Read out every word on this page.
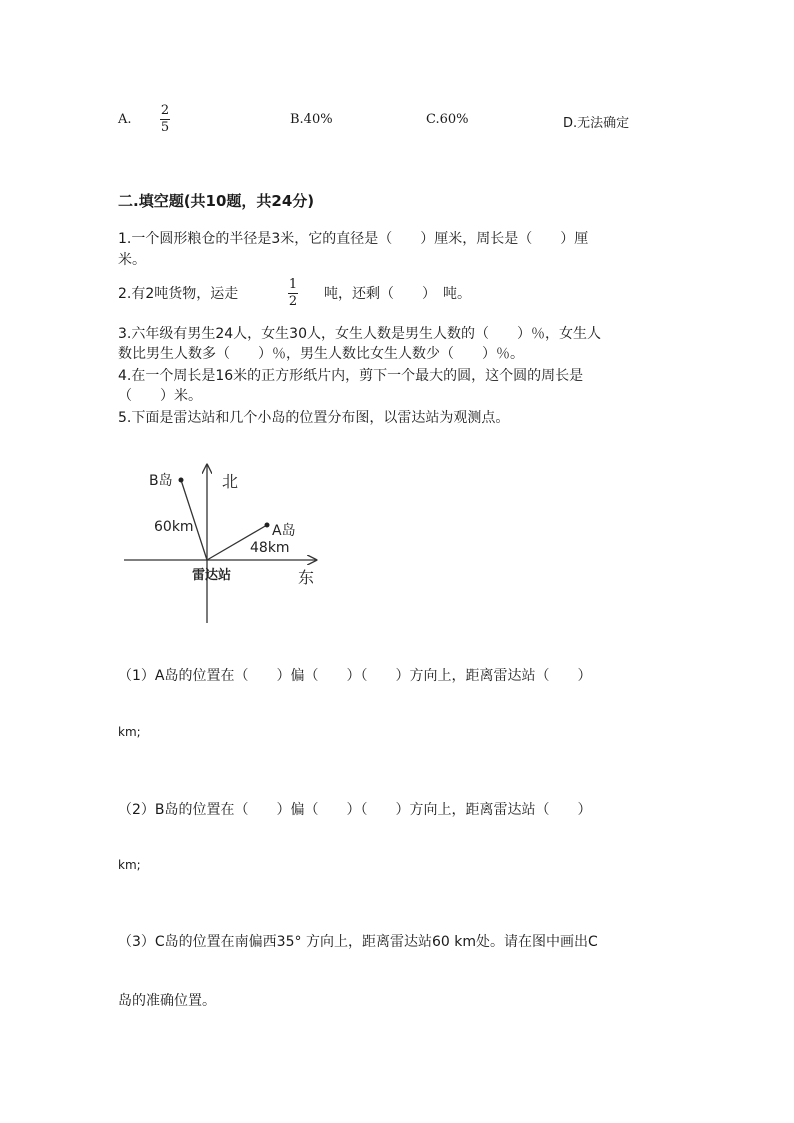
A.
2
5
B.40%	C.60%	D.无法确定
二.填空题(共10题，共24分)
1.一个圆形粮仓的半径是3米，它的直径是（　　）厘米，周长是（　　）厘
米。
2.有2吨货物，运走
1
2 吨，还剩（　　）　吨。
3.六年级有男生24人，女生30人，女生人数是男生人数的（　　）％，女生人
数比男生人数多（　　）％，男生人数比女生人数少（　　）％。
4.在一个周长是16米的正方形纸片内，剪下一个最大的圆，这个圆的周长是
（　　）米。
5.下面是雷达站和几个小岛的位置分布图，以雷达站为观测点。
北
东
雷达站
B岛
A岛
60km
48km
（1）A岛的位置在（　　）偏（　　）（　　）方向上，距离雷达站（　　）
km;
（2）B岛的位置在（　　）偏（　　）（　　）方向上，距离雷达站（　　）
km;
（3）C岛的位置在南偏西35° 方向上，距离雷达站60 km处。请在图中画出C
岛的准确位置。
